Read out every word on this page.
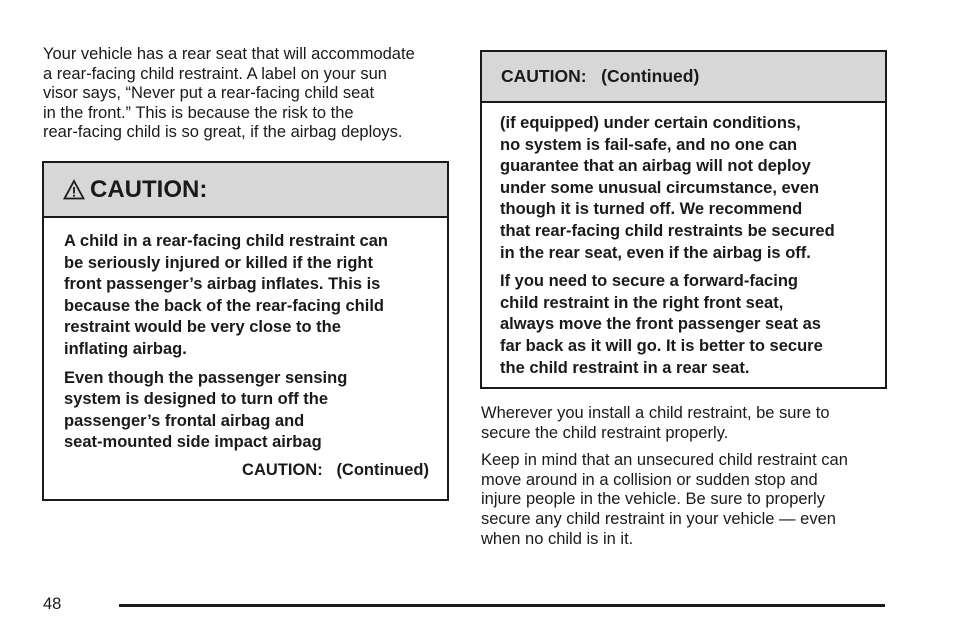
Your vehicle has a rear seat that will accommodate
a rear-facing child restraint. A label on your sun
visor says, “Never put a rear-facing child seat
in the front.” This is because the risk to the
rear-facing child is so great, if the airbag deploys.
CAUTION:
A child in a rear-facing child restraint can
be seriously injured or killed if the right
front passenger’s airbag inflates. This is
because the back of the rear-facing child
restraint would be very close to the
inflating airbag.
Even though the passenger sensing
system is designed to turn off the
passenger’s frontal airbag and
seat-mounted side impact airbag
CAUTION:   (Continued)
CAUTION:   (Continued)
(if equipped) under certain conditions,
no system is fail-safe, and no one can
guarantee that an airbag will not deploy
under some unusual circumstance, even
though it is turned off. We recommend
that rear-facing child restraints be secured
in the rear seat, even if the airbag is off.
If you need to secure a forward-facing
child restraint in the right front seat,
always move the front passenger seat as
far back as it will go. It is better to secure
the child restraint in a rear seat.
Wherever you install a child restraint, be sure to
secure the child restraint properly.
Keep in mind that an unsecured child restraint can
move around in a collision or sudden stop and
injure people in the vehicle. Be sure to properly
secure any child restraint in your vehicle — even
when no child is in it.
48
